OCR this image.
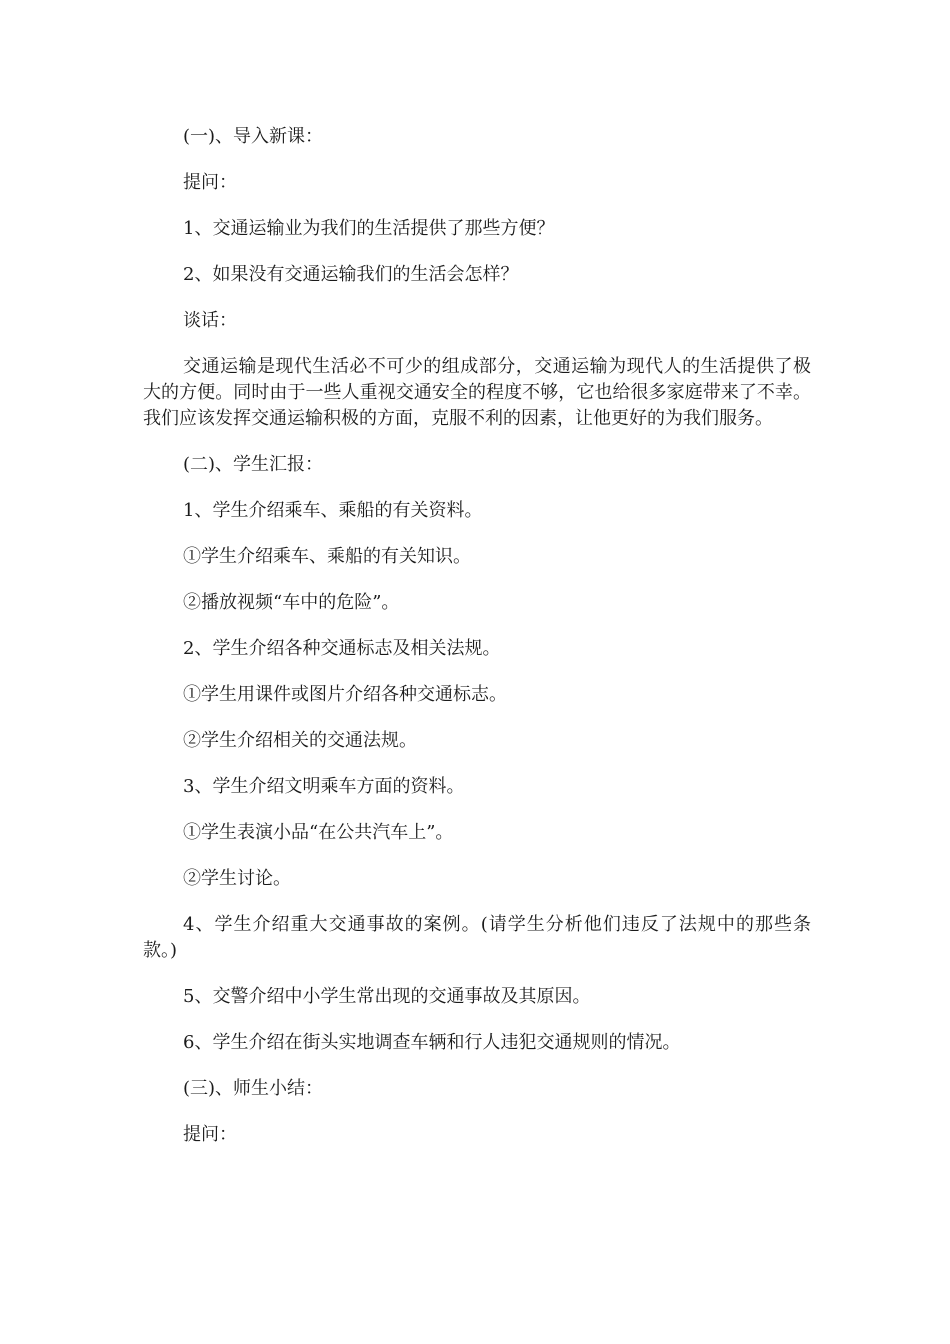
(一)、导入新课：

提问：

1、交通运输业为我们的生活提供了那些方便？

2、如果没有交通运输我们的生活会怎样？

谈话：

交通运输是现代生活必不可少的组成部分，交通运输为现代人的生活提供了极大的方便。同时由于一些人重视交通安全的程度不够，它也给很多家庭带来了不幸。我们应该发挥交通运输积极的方面，克服不利的因素，让他更好的为我们服务。

(二)、学生汇报：

1、学生介绍乘车、乘船的有关资料。

①学生介绍乘车、乘船的有关知识。

②播放视频“车中的危险”。

2、学生介绍各种交通标志及相关法规。

①学生用课件或图片介绍各种交通标志。

②学生介绍相关的交通法规。

3、学生介绍文明乘车方面的资料。

①学生表演小品“在公共汽车上”。

②学生讨论。

4、学生介绍重大交通事故的案例。(请学生分析他们违反了法规中的那些条款。)

5、交警介绍中小学生常出现的交通事故及其原因。

6、学生介绍在街头实地调查车辆和行人违犯交通规则的情况。

(三)、师生小结：

提问：
